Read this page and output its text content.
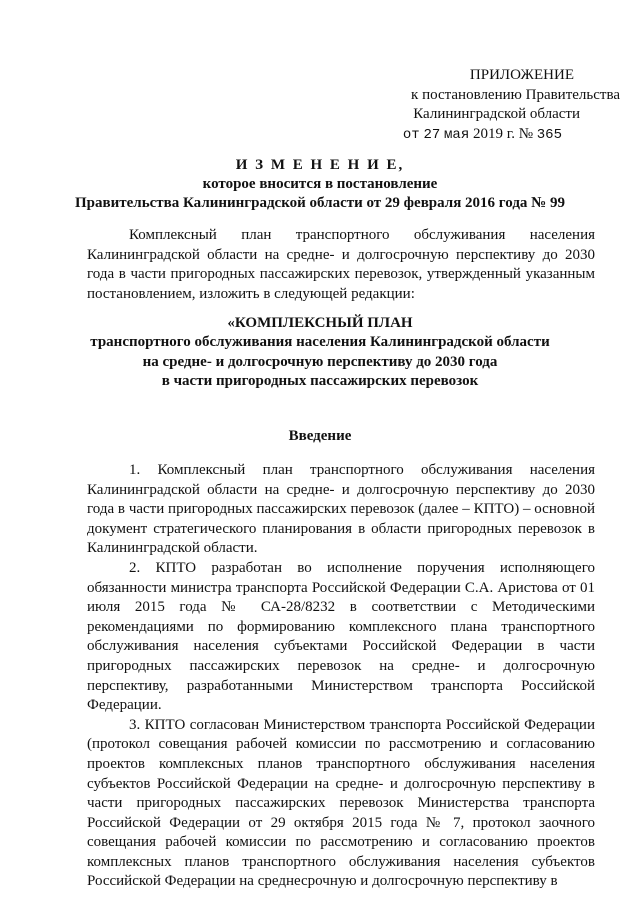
ПРИЛОЖЕНИЕ
к постановлению Правительства
Калининградской области
от 27 мая 2019 г. № 365
И З М Е Н Е Н И Е,
которое вносится в постановление
Правительства Калининградской области от 29 февраля 2016 года № 99

Комплексный план транспортного обслуживания населения Калининградской области на средне- и долгосрочную перспективу до 2030 года в части пригородных пассажирских перевозок, утвержденный указанным постановлением, изложить в следующей редакции:

«КОМПЛЕКСНЫЙ ПЛАН
транспортного обслуживания населения Калининградской области
на средне- и долгосрочную перспективу до 2030 года
в части пригородных пассажирских перевозок
Введение

1. Комплексный план транспортного обслуживания населения Калининградской области на средне- и долгосрочную перспективу до 2030 года в части пригородных пассажирских перевозок (далее – КПТО) – основной документ стратегического планирования в области пригородных перевозок в Калининградской области.

2. КПТО разработан во исполнение поручения исполняющего обязанности министра транспорта Российской Федерации С.А. Аристова от 01 июля 2015 года № СА-28/8232 в соответствии с Методическими рекомендациями по формированию комплексного плана транспортного обслуживания населения субъектами Российской Федерации в части пригородных пассажирских перевозок на средне- и долгосрочную перспективу, разработанными Министерством транспорта Российской Федерации.

3. КПТО согласован Министерством транспорта Российской Федерации (протокол совещания рабочей комиссии по рассмотрению и согласованию проектов комплексных планов транспортного обслуживания населения субъектов Российской Федерации на средне- и долгосрочную перспективу в части пригородных пассажирских перевозок Министерства транспорта Российской Федерации от 29 октября 2015 года № 7, протокол заочного совещания рабочей комиссии по рассмотрению и согласованию проектов комплексных планов транспортного обслуживания населения субъектов Российской Федерации на среднесрочную и долгосрочную перспективу в
